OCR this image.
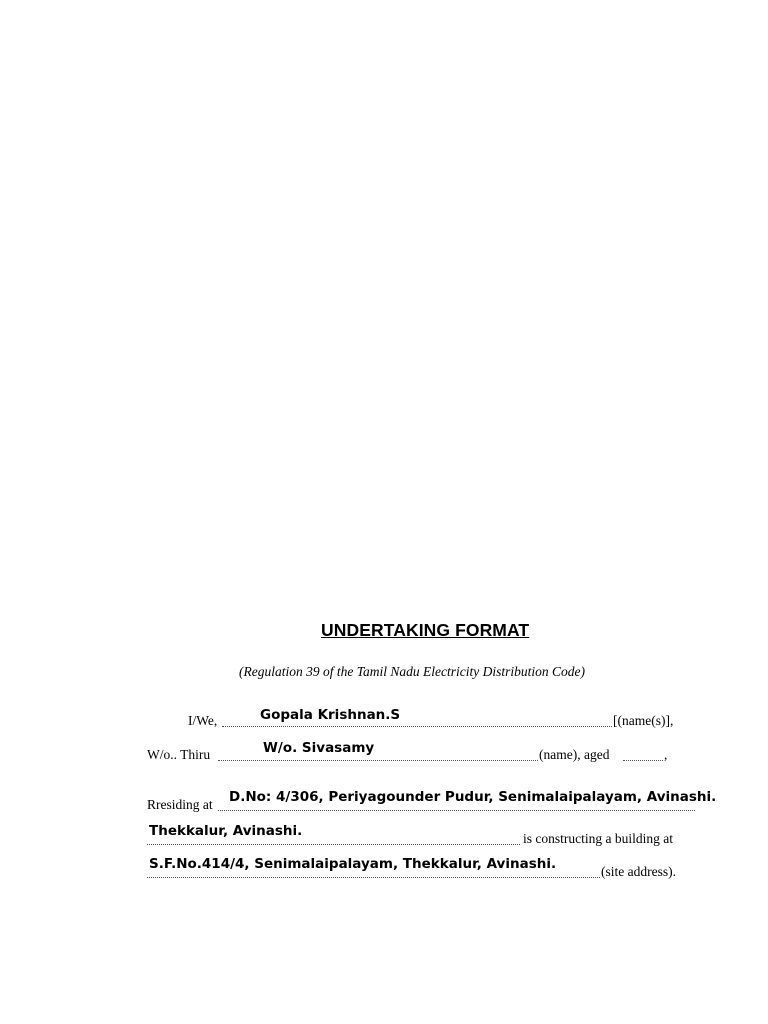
UNDERTAKING FORMAT
(Regulation 39 of the Tamil Nadu Electricity Distribution Code)
I/We,	[(name(s)],
Gopala Krishnan.S
W/o.. Thiru	(name), aged	,
W/o. Sivasamy
Rresiding at D.No: 4/306, Periyagounder Pudur, Senimalaipalayam, Avinashi.
is constructing a building at
Thekkalur, Avinashi.
(site address).
S.F.No.414/4, Senimalaipalayam, Thekkalur, Avinashi.
